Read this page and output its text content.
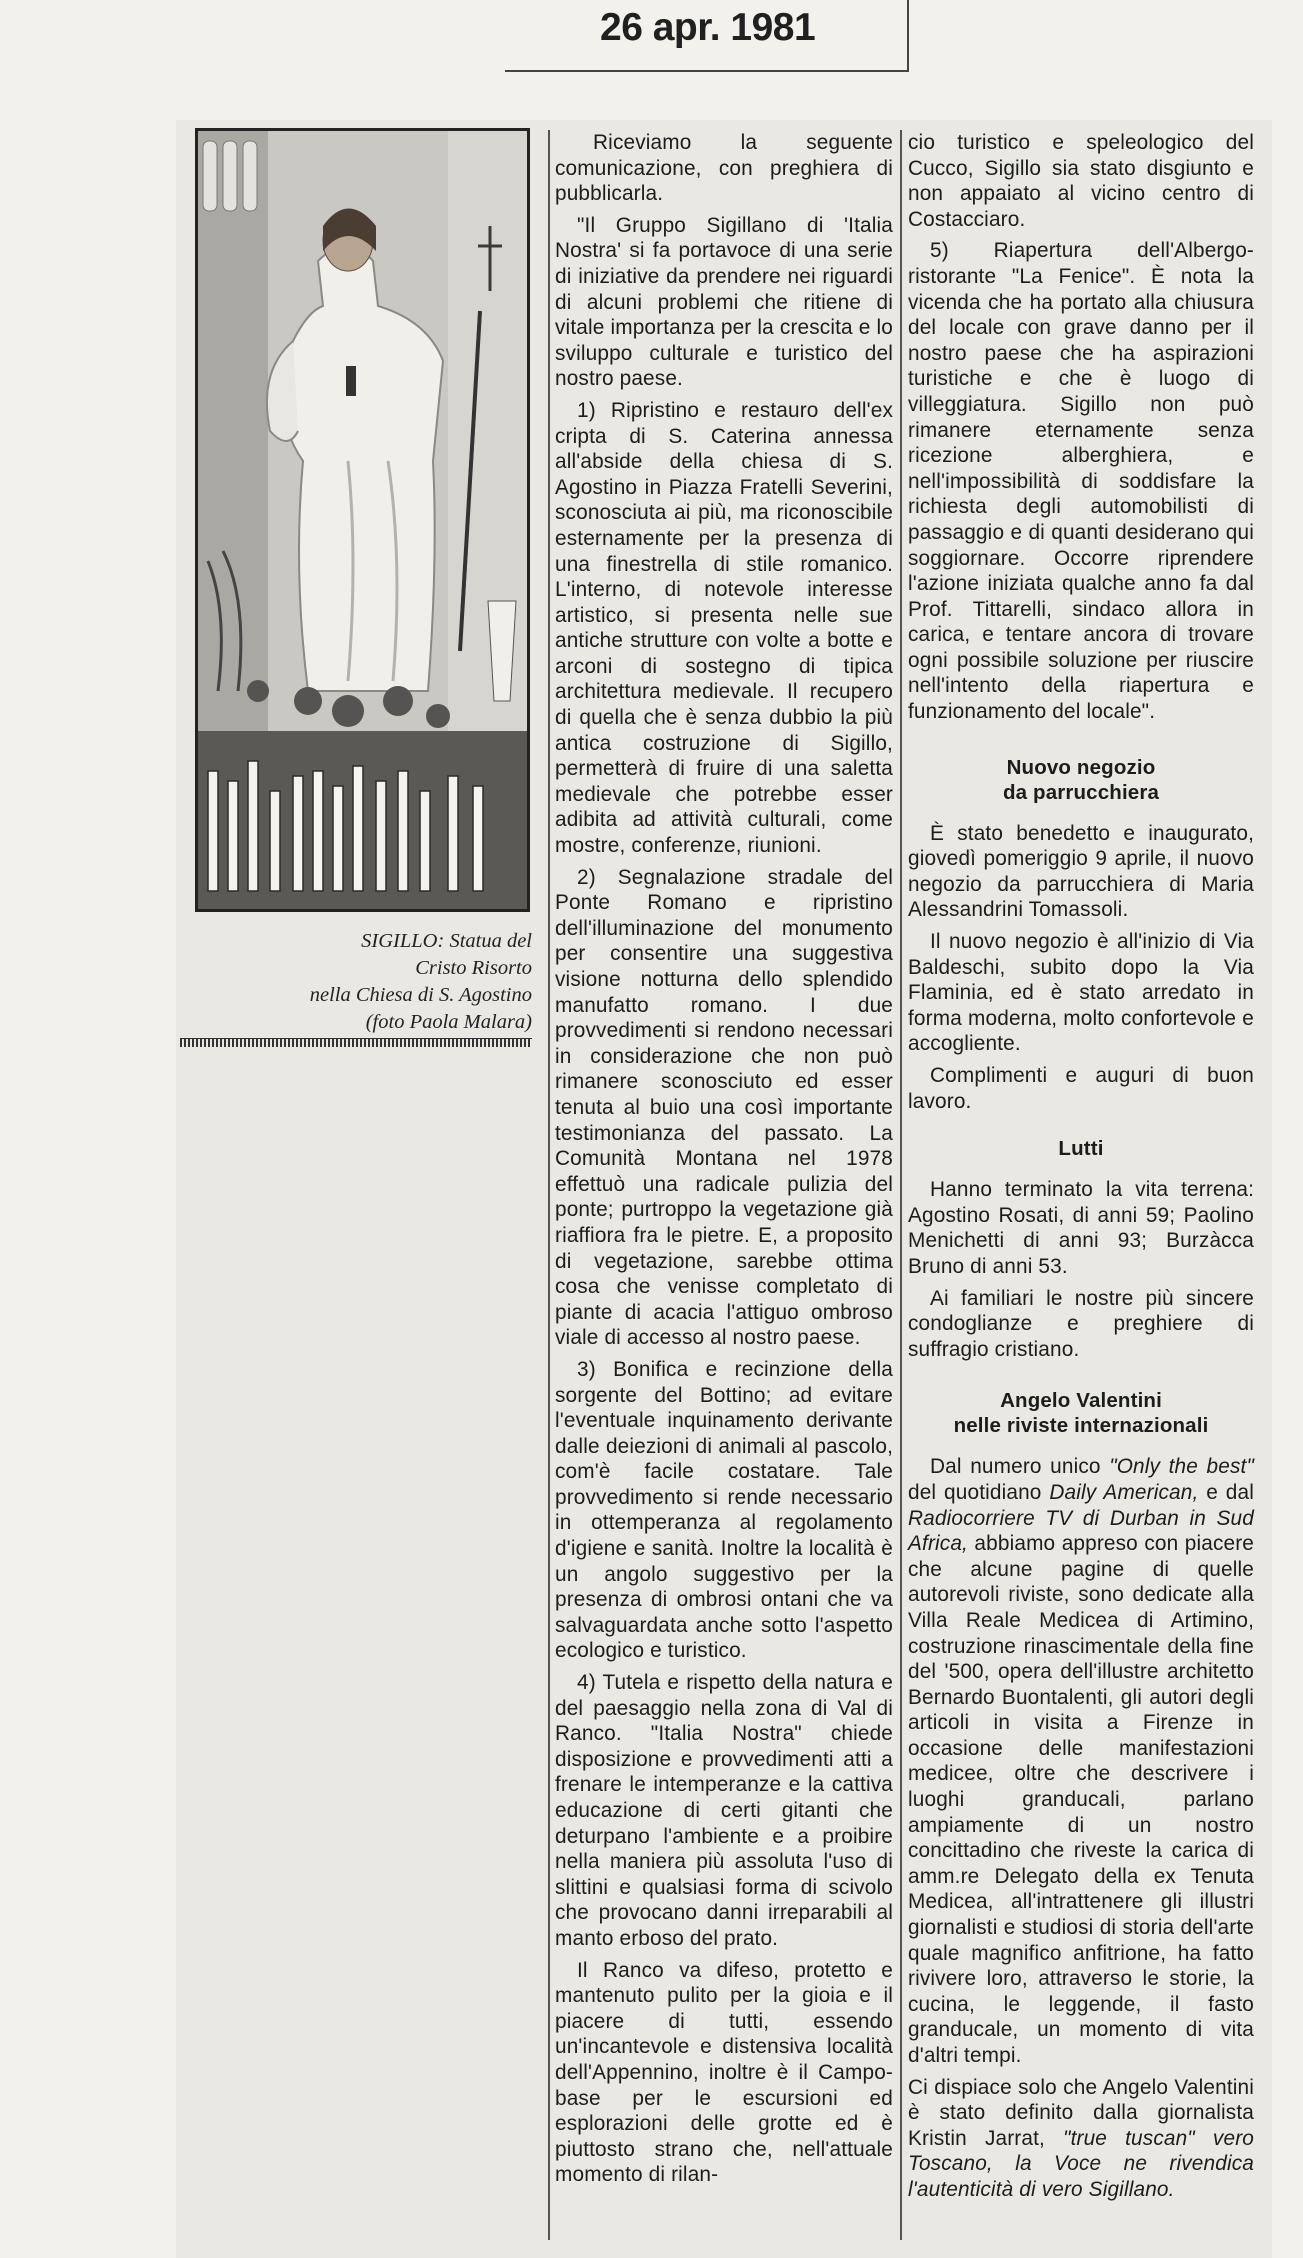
26 apr. 1981
SIGILLO: Statua del
Cristo Risorto
nella Chiesa di S. Agostino
(foto Paola Malara)

Riceviamo la seguente comunicazione, con preghiera di pubblicarla.

"Il Gruppo Sigillano di 'Italia Nostra' si fa portavoce di una serie di iniziative da prendere nei riguardi di alcuni problemi che ritiene di vitale importanza per la crescita e lo sviluppo culturale e turistico del nostro paese.

1) Ripristino e restauro dell'ex cripta di S. Caterina annessa all'abside della chiesa di S. Agostino in Piazza Fratelli Severini, sconosciuta ai più, ma riconoscibile esternamente per la presenza di una finestrella di stile romanico. L'interno, di notevole interesse artistico, si presenta nelle sue antiche strutture con volte a botte e arconi di sostegno di tipica architettura medievale. Il recupero di quella che è senza dubbio la più antica costruzione di Sigillo, permetterà di fruire di una saletta medievale che potrebbe esser adibita ad attività culturali, come mostre, conferenze, riunioni.

2) Segnalazione stradale del Ponte Romano e ripristino dell'illuminazione del monumento per consentire una suggestiva visione notturna dello splendido manufatto romano. I due provvedimenti si rendono necessari in considerazione che non può rimanere sconosciuto ed esser tenuta al buio una così importante testimonianza del passato. La Comunità Montana nel 1978 effettuò una radicale pulizia del ponte; purtroppo la vegetazione già riaffiora fra le pietre. E, a proposito di vegetazione, sarebbe ottima cosa che venisse completato di piante di acacia l'attiguo ombroso viale di accesso al nostro paese.

3) Bonifica e recinzione della sorgente del Bottino; ad evitare l'eventuale inquinamento derivante dalle deiezioni di animali al pascolo, com'è facile costatare. Tale provvedimento si rende necessario in ottemperanza al regolamento d'igiene e sanità. Inoltre la località è un angolo suggestivo per la presenza di ombrosi ontani che va salvaguardata anche sotto l'aspetto ecologico e turistico.

4) Tutela e rispetto della natura e del paesaggio nella zona di Val di Ranco. "Italia Nostra" chiede disposizione e provvedimenti atti a frenare le intemperanze e la cattiva educazione di certi gitanti che deturpano l'ambiente e a proibire nella maniera più assoluta l'uso di slittini e qualsiasi forma di scivolo che provocano danni irreparabili al manto erboso del prato.

Il Ranco va difeso, protetto e mantenuto pulito per la gioia e il piacere di tutti, essendo un'incantevole e distensiva località dell'Appennino, inoltre è il Campo-base per le escursioni ed esplorazioni delle grotte ed è piuttosto strano che, nell'attuale momento di rilan-

cio turistico e speleologico del Cucco, Sigillo sia stato disgiunto e non appaiato al vicino centro di Costacciaro.

5) Riapertura dell'Albergo-ristorante "La Fenice". È nota la vicenda che ha portato alla chiusura del locale con grave danno per il nostro paese che ha aspirazioni turistiche e che è luogo di villeggiatura. Sigillo non può rimanere eternamente senza ricezione alberghiera, e nell'impossibilità di soddisfare la richiesta degli automobilisti di passaggio e di quanti desiderano qui soggiornare. Occorre riprendere l'azione iniziata qualche anno fa dal Prof. Tittarelli, sindaco allora in carica, e tentare ancora di trovare ogni possibile soluzione per riuscire nell'intento della riapertura e funzionamento del locale".

Nuovo negozio
da parrucchiera

È stato benedetto e inaugurato, giovedì pomeriggio 9 aprile, il nuovo negozio da parrucchiera di Maria Alessandrini Tomassoli.

Il nuovo negozio è all'inizio di Via Baldeschi, subito dopo la Via Flaminia, ed è stato arredato in forma moderna, molto confortevole e accogliente.

Complimenti e auguri di buon lavoro.

Lutti

Hanno terminato la vita terrena: Agostino Rosati, di anni 59; Paolino Menichetti di anni 93; Burzàcca Bruno di anni 53.

Ai familiari le nostre più sincere condoglianze e preghiere di suffragio cristiano.

Angelo Valentini
nelle riviste internazionali

Dal numero unico "Only the best" del quotidiano Daily American, e dal Radiocorriere TV di Durban in Sud Africa, abbiamo appreso con piacere che alcune pagine di quelle autorevoli riviste, sono dedicate alla Villa Reale Medicea di Artimino, costruzione rinascimentale della fine del '500, opera dell'illustre architetto Bernardo Buontalenti, gli autori degli articoli in visita a Firenze in occasione delle manifestazioni medicee, oltre che descrivere i luoghi granducali, parlano ampiamente di un nostro concittadino che riveste la carica di amm.re Delegato della ex Tenuta Medicea, all'intrattenere gli illustri giornalisti e studiosi di storia dell'arte quale magnifico anfitrione, ha fatto rivivere loro, attraverso le storie, la cucina, le leggende, il fasto granducale, un momento di vita d'altri tempi.

Ci dispiace solo che Angelo Valentini è stato definito dalla giornalista Kristin Jarrat, "true tuscan" vero Toscano, la Voce ne rivendica l'autenticità di vero Sigillano.
